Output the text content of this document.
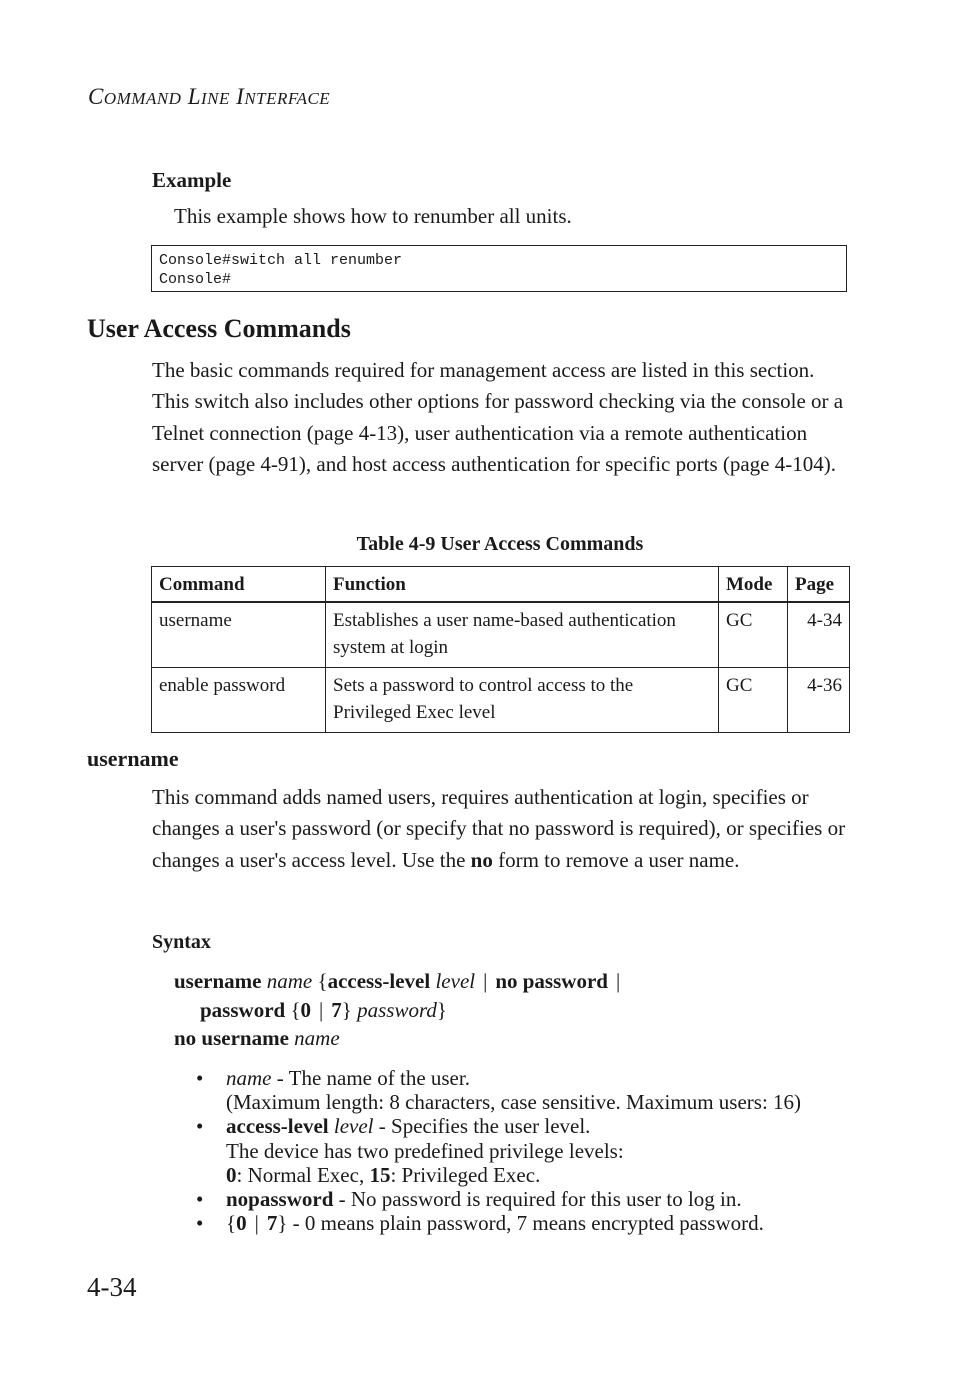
COMMAND LINE INTERFACE
Example
This example shows how to renumber all units.
Console#switch all renumber
Console#
User Access Commands
The basic commands required for management access are listed in this section. This switch also includes other options for password checking via the console or a Telnet connection (page 4-13), user authentication via a remote authentication server (page 4-91), and host access authentication for specific ports (page 4-104).
Table 4-9 User Access Commands
Command	Function	Mode	Page
username	Establishes a user name-based authentication system at login	GC	4-34
enable password	Sets a password to control access to the Privileged Exec level	GC	4-36
username
This command adds named users, requires authentication at login, specifies or changes a user's password (or specify that no password is required), or specifies or changes a user's access level. Use the no form to remove a user name.
Syntax
username name {access-level level | no password |
password {0 | 7} password}
no username name
• name - The name of the user.
(Maximum length: 8 characters, case sensitive. Maximum users: 16)
• access-level level - Specifies the user level.
The device has two predefined privilege levels:
0: Normal Exec, 15: Privileged Exec.
• nopassword - No password is required for this user to log in.
• {0 | 7} - 0 means plain password, 7 means encrypted password.
4-34
